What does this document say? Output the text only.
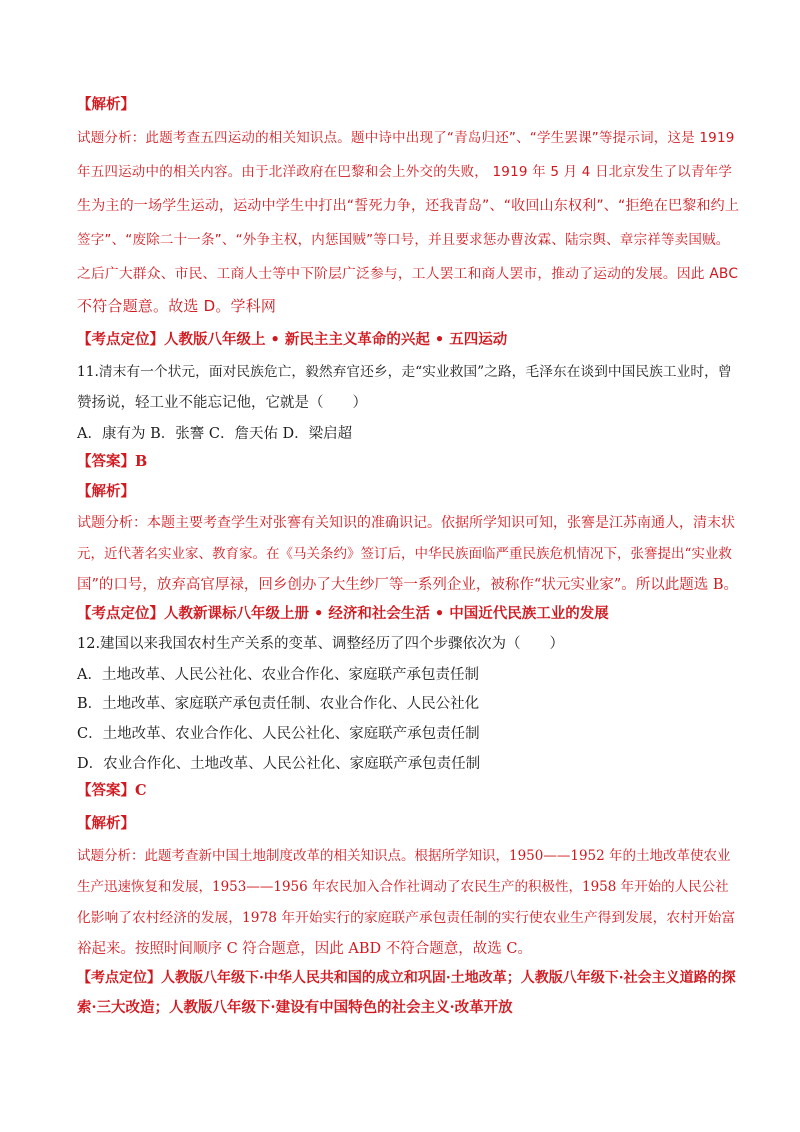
【解析】
试题分析：此题考查五四运动的相关知识点。题中诗中出现了“青岛归还”、“学生罢课”等提示词，这是 1919
年五四运动中的相关内容。由于北洋政府在巴黎和会上外交的失败， 1919 年 5 月 4 日北京发生了以青年学
生为主的一场学生运动，运动中学生中打出“誓死力争，还我青岛”、“收回山东权利”、“拒绝在巴黎和约上
签字”、“废除二十一条”、“外争主权，内惩国贼”等口号，并且要求惩办曹汝霖、陆宗舆、章宗祥等卖国贼。
之后广大群众、市民、工商人士等中下阶层广泛参与，工人罢工和商人罢市，推动了运动的发展。因此 ABC
不符合题意。故选 D。学科网
【考点定位】人教版八年级上 • 新民主主义革命的兴起 • 五四运动
11.清末有一个状元，面对民族危亡，毅然弃官还乡，走“实业救国”之路，毛泽东在谈到中国民族工业时，曾
赞扬说，轻工业不能忘记他，它就是（　　）
A．康有为 B．张謇 C．詹天佑 D．梁启超
【答案】B
【解析】
试题分析：本题主要考查学生对张謇有关知识的准确识记。依据所学知识可知，张謇是江苏南通人，清末状
元，近代著名实业家、教育家。在《马关条约》签订后，中华民族面临严重民族危机情况下，张謇提出“实业救
国”的口号，放弃高官厚禄，回乡创办了大生纱厂等一系列企业，被称作“状元实业家”。所以此题选 B。
【考点定位】人教新课标八年级上册 • 经济和社会生活 • 中国近代民族工业的发展
12.建国以来我国农村生产关系的变革、调整经历了四个步骤依次为（　　）
A．土地改革、人民公社化、农业合作化、家庭联产承包责任制
B．土地改革、家庭联产承包责任制、农业合作化、人民公社化
C．土地改革、农业合作化、人民公社化、家庭联产承包责任制
D．农业合作化、土地改革、人民公社化、家庭联产承包责任制
【答案】C
【解析】
试题分析：此题考查新中国土地制度改革的相关知识点。根据所学知识，1950——1952 年的土地改革使农业
生产迅速恢复和发展，1953——1956 年农民加入合作社调动了农民生产的积极性，1958 年开始的人民公社
化影响了农村经济的发展，1978 年开始实行的家庭联产承包责任制的实行使农业生产得到发展，农村开始富
裕起来。按照时间顺序 C 符合题意，因此 ABD 不符合题意，故选 C。
【考点定位】人教版八年级下·中华人民共和国的成立和巩固·土地改革；人教版八年级下·社会主义道路的探
索·三大改造；人教版八年级下·建设有中国特色的社会主义·改革开放
